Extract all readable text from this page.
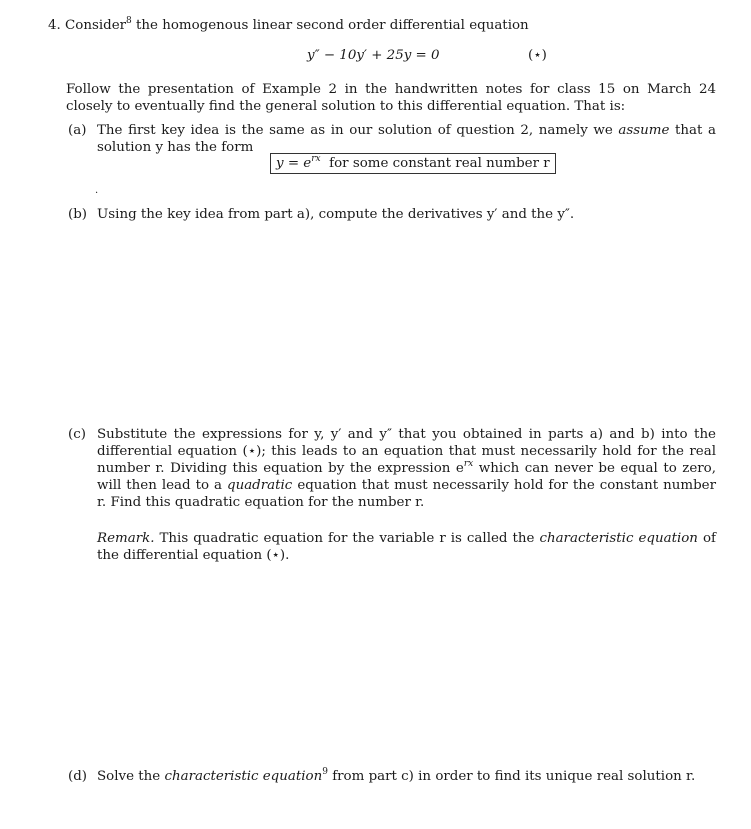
4. Consider$^8$ the homogenous linear second order differential equation
y″ − 10y′ + 25y = 0	(⋆)
Follow the presentation of Example 2 in the handwritten notes for class 15 on March 24 closely to eventually find the general solution to this differential equation. That is:
(a) The first key idea is the same as in our solution of question 2, namely we assume that a solution y has the form
$y = e^{rx}$ for some constant real number r
.
(b) Using the key idea from part a), compute the derivatives y′ and the y″.
(c) Substitute the expressions for y, y′ and y″ that you obtained in parts a) and b) into the differential equation (⋆); this leads to an equation that must necessarily hold for the real number r. Dividing this equation by the expression $e^{rx}$ which can never be equal to zero, will then lead to a quadratic equation that must necessarily hold for the constant number r. Find this quadratic equation for the number r.
Remark. This quadratic equation for the variable r is called the characteristic equation of the differential equation (⋆).
(d) Solve the characteristic equation$^9$ from part c) in order to find its unique real solution r.
